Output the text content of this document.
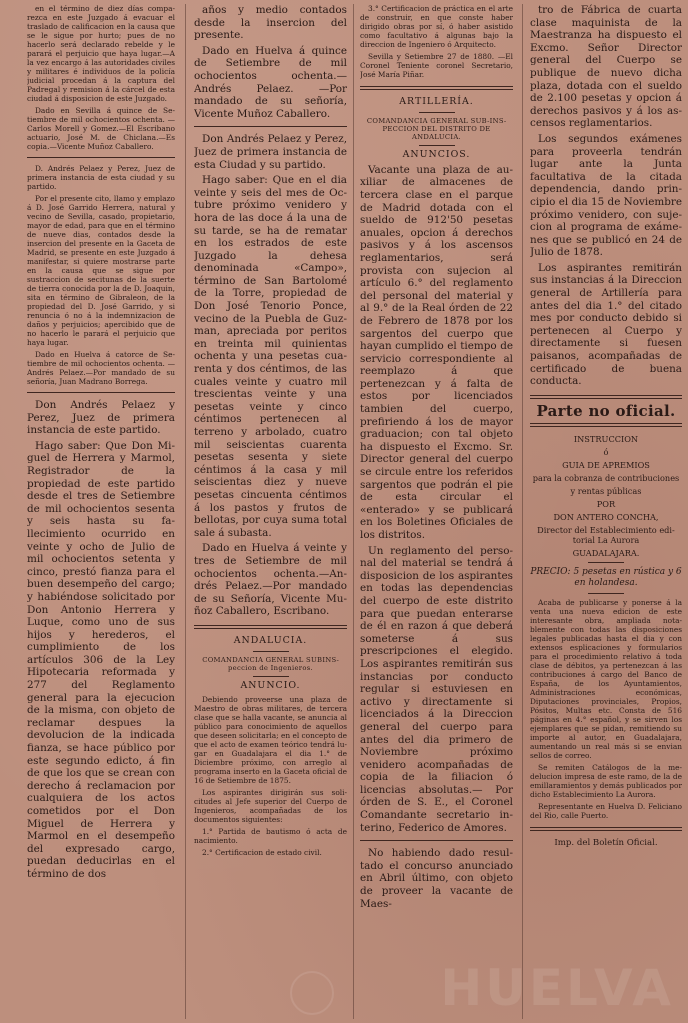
en el término de diez días comparezca en este Juzgado á evacuar el traslado de calificacion en la causa que se le sigue por hurto; pues de no hacerlo será declarado rebelde y le parará el perjuicio que haya lugar.—A la vez encargo á las autoridades civiles y militares é individuos de la policía judicial procedan á la captura del Padregal y remision á la cárcel de esta ciudad á disposicion de este Juzgado.

Dado en Sevilla á quince de Setiembre de mil ochocientos ochenta. —Carlos Morell y Gomez.—El Escribano actuario, José M. de Chiclana.—Es copia.—Vicente Muñoz Caballero.

D. Andrés Pelaez y Perez, Juez de primera instancia de esta ciudad y su partido.

Por el presente cito, llamo y emplazo á D. José Garrido Herrera, natural y vecino de Sevilla, casado, propietario, mayor de edad, para que en el término de nueve dias, contados desde la insercion del presente en la Gaceta de Madrid, se presente en este Juzgado á manifestar, si quiere mostrarse parte en la causa que se sigue por sustraccion de secitunas de la suerte de tierra conocida por la de D. Joaquin, sita en término de Gibraleon, de la propiedad del D. José Garrido, y si renuncia ó no á la indemnizacion de daños y perjuicios; apercibido que de no hacerlo le parará el perjuicio que haya lugar.

Dado en Huelva á catorce de Setiembre de mil ochocientos ochenta. —Andrés Pelaez.—Por mandado de su señoría, Juan Madrano Borrega.

Don Andrés Pelaez y Perez, Juez de primera instancia de este partido.

Hago saber: Que Don Miguel de Herrera y Marmol, Registrador de la propiedad de este partido desde el tres de Setiembre de mil ochocientos sesenta y seis hasta su fallecimiento ocurrido en veinte y ocho de Julio de mil ochocientos setenta y cinco, prestó fianza para el buen desempeño del cargo; y habiéndose solicitado por Don Antonio Herrera y Luque, como uno de sus hijos y herederos, el cumplimiento de los artículos 306 de la Ley Hipotecaria reformada y 277 del Reglamento general para la ejecucion de la misma, con objeto de reclamar despues la devolucion de la indicada fianza, se hace público por este segundo edicto, á fin de que los que se crean con derecho á reclamacion por cualquiera de los actos cometidos por el Don Miguel de Herrera y Marmol en el desempeño del expresado cargo, puedan deducirlas en el término de dos

años y medio contados desde la insercion del presente.

Dado en Huelva á quince de Setiembre de mil ochocientos ochenta.—Andrés Pelaez. —Por mandado de su señoría, Vicente Muñoz Caballero.

Don Andrés Pelaez y Perez, Juez de primera instancia de esta Ciudad y su partido.

Hago saber: Que en el dia veinte y seis del mes de Octubre próximo venidero y hora de las doce á la una de su tarde, se ha de rematar en los estrados de este Juzgado la dehesa denominada «Campo», término de San Bartolomé de la Torre, propiedad de Don José Tenorio Ponce, vecino de la Puebla de Guzman, apreciada por peritos en treinta mil quinientas ochenta y una pesetas cuarenta y dos céntimos, de las cuales veinte y cuatro mil trescientas veinte y una pesetas veinte y cinco céntimos pertenecen al terreno y arbolado, cuatro mil seiscientas cuarenta pesetas sesenta y siete céntimos á la casa y mil seiscientas diez y nueve pesetas cincuenta céntimos á los pastos y frutos de bellotas, por cuya suma total sale á subasta.

Dado en Huelva á veinte y tres de Setiembre de mil ochocientos ochenta.—Andrés Pelaez.—Por mandado de su Señoría, Vicente Muñoz Caballero, Escribano.

ANDALUCIA.
COMANDANCIA GENERAL SUBINSpeccion de Ingenieros.
ANUNCIO.

Debiendo proveerse una plaza de Maestro de obras militares, de tercera clase que se halla vacante, se anuncia al público para conocimiento de aquellos que deseen solicitarla; en el concepto de que el acto de examen teórico tendrá lugar en Guadalajara el dia 1.° de Diciembre próximo, con arreglo al programa inserto en la Gaceta oficial de 16 de Setiembre de 1875.

Los aspirantes dirigirán sus solicitudes al Jefe superior del Cuerpo de Ingenieros, acompañadas de los documentos siguientes:

1.° Partida de bautismo ó acta de nacimiento.

2.° Certificacion de estado civil.

3.° Certificacion de práctica en el arte de construir, en que conste haber dirigido obras por sí, ó haber asistido como facultativo á algunas bajo la direccion de Ingeniero ó Arquitecto.

Sevilla y Setiembre 27 de 1880. —El Coronel Teniente coronel Secretario, José María Piñar.

ARTILLERÍA.
COMANDANCIA GENERAL SUB-INSPECCION DEL DISTRITO DE ANDALUCIA.
ANUNCIOS.

Vacante una plaza de auxiliar de almacenes de tercera clase en el parque de Madrid dotada con el sueldo de 912'50 pesetas anuales, opcion á derechos pasivos y á los ascensos reglamentarios, será provista con sujecion al artículo 6.° del reglamento del personal del material y al 9.° de la Real órden de 22 de Febrero de 1878 por los sargentos del cuerpo que hayan cumplido el tiempo de servicio correspondiente al reemplazo á que pertenezcan y á falta de estos por licenciados tambien del cuerpo, prefiriendo á los de mayor graduacion; con tal objeto ha dispuesto el Excmo. Sr. Director general del cuerpo se circule entre los referidos sargentos que podrán el pie de esta circular el «enterado» y se publicará en los Boletines Oficiales de los distritos.

Un reglamento del personal del material se tendrá á disposicion de los aspirantes en todas las dependencias del cuerpo de este distrito para que puedan enterarse de él en razon á que deberá someterse á sus prescripciones el elegido. Los aspirantes remitirán sus instancias por conducto regular si estuviesen en activo y directamente si licenciados á la Direccion general del cuerpo para antes del dia primero de Noviembre próximo venidero acompañadas de copia de la filiacion ó licencias absolutas.— Por órden de S. E., el Coronel Comandante secretario interino, Federico de Amores.

No habiendo dado resultado el concurso anunciado en Abril último, con objeto de proveer la vacante de Maes-

tro de Fábrica de cuarta clase maquinista de la Maestranza ha dispuesto el Excmo. Señor Director general del Cuerpo se publique de nuevo dicha plaza, dotada con el sueldo de 2.100 pesetas y opcion á derechos pasivos y á los ascensos reglamentarios.

Los segundos exámenes para proveerla tendrán lugar ante la Junta facultativa de la citada dependencia, dando principio el dia 15 de Noviembre próximo venidero, con sujecion al programa de exámenes que se publicó en 24 de Julio de 1878.

Los aspirantes remitirán sus instancias á la Direccion general de Artillería para antes del dia 1.° del citado mes por conducto debido si pertenecen al Cuerpo y directamente si fuesen paisanos, acompañadas de certificado de buena conducta.

Parte no oficial.
INSTRUCCION
ó
GUIA DE APREMIOS
para la cobranza de contribuciones
y rentas públicas
POR
DON ANTERO CONCHA,
Director del Establecimiento editorial La Aurora
GUADALAJARA.

PRECIO: 5 pesetas en rústica y 6 en holandesa.

Acaba de publicarse y ponerse á la venta una nueva edicion de este interesante obra, ampliada notablemente con todas las disposiciones legales publicadas hasta el dia y con extensos esplicaciones y formularios para el procedimiento relativo á toda clase de débitos, ya pertenezcan á las contribuciones á cargo del Banco de España, de los Ayuntamientos, Administraciones económicas, Diputaciones provinciales, Propios, Pósitos, Multas etc. Consta de 516 páginas en 4.° español, y se sirven los ejemplares que se pidan, remitiendo su importe al autor, en Guadalajara, aumentando un real más si se envian sellos de correo.

Se remiten Catálogos de la medelucion impresa de este ramo, de la de emillaramientos y demás publicados por dicho Establecimiento La Aurora.

Representante en Huelva D. Feliciano del Rio, calle Puerto.

Imp. del Boletín Oficial.

HUELVA
